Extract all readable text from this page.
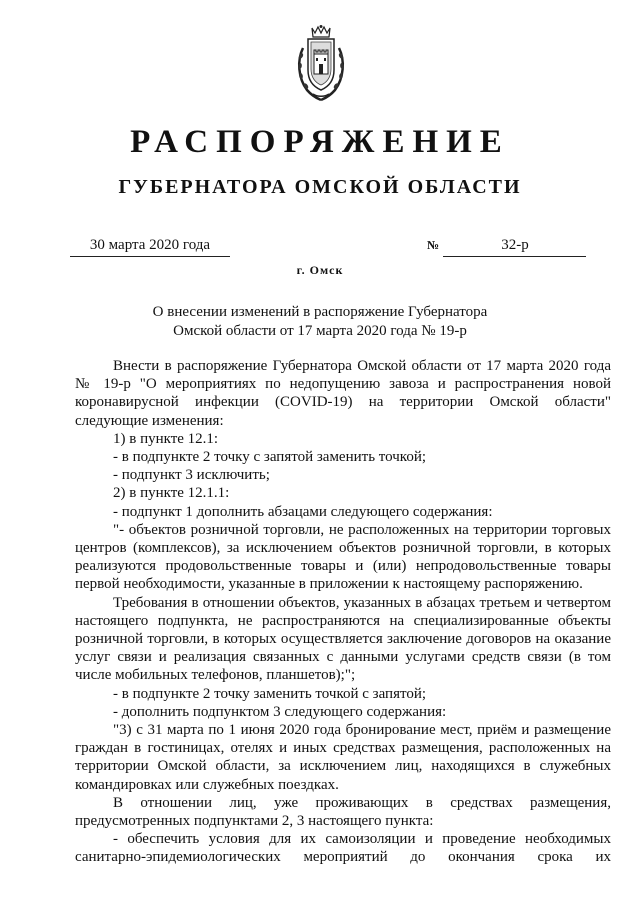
РАСПОРЯЖЕНИЕ
ГУБЕРНАТОРА ОМСКОЙ ОБЛАСТИ
30 марта 2020 года	№	32-р
г. Омск
О внесении изменений в распоряжение Губернатора
Омской области от 17 марта 2020 года № 19-р

Внести в распоряжение Губернатора Омской области от 17 марта 2020 года № 19-р "О мероприятиях по недопущению завоза и распространения новой коронавирусной инфекции (COVID-19) на территории Омской области" следующие изменения:

1) в пункте 12.1:

- в подпункте 2 точку с запятой заменить точкой;

- подпункт 3 исключить;

2) в пункте 12.1.1:

- подпункт 1 дополнить абзацами следующего содержания:

"- объектов розничной торговли, не расположенных на территории торговых центров (комплексов), за исключением объектов розничной торговли, в которых реализуются продовольственные товары и (или) непродовольственные товары первой необходимости, указанные в приложении к настоящему распоряжению.

Требования в отношении объектов, указанных в абзацах третьем и четвертом настоящего подпункта, не распространяются на специализированные объекты розничной торговли, в которых осуществляется заключение договоров на оказание услуг связи и реализация связанных с данными услугами средств связи (в том числе мобильных телефонов, планшетов);";

- в подпункте 2 точку заменить точкой с запятой;

- дополнить подпунктом 3 следующего содержания:

"3) с 31 марта по 1 июня 2020 года бронирование мест, приём и размещение граждан в гостиницах, отелях и иных средствах размещения, расположенных на территории Омской области, за исключением лиц, находящихся в служебных командировках или служебных поездках.

В отношении лиц, уже проживающих в средствах размещения, предусмотренных подпунктами 2, 3 настоящего пункта:

- обеспечить условия для их самоизоляции и проведение необходимых санитарно-эпидемиологических мероприятий до окончания срока их
